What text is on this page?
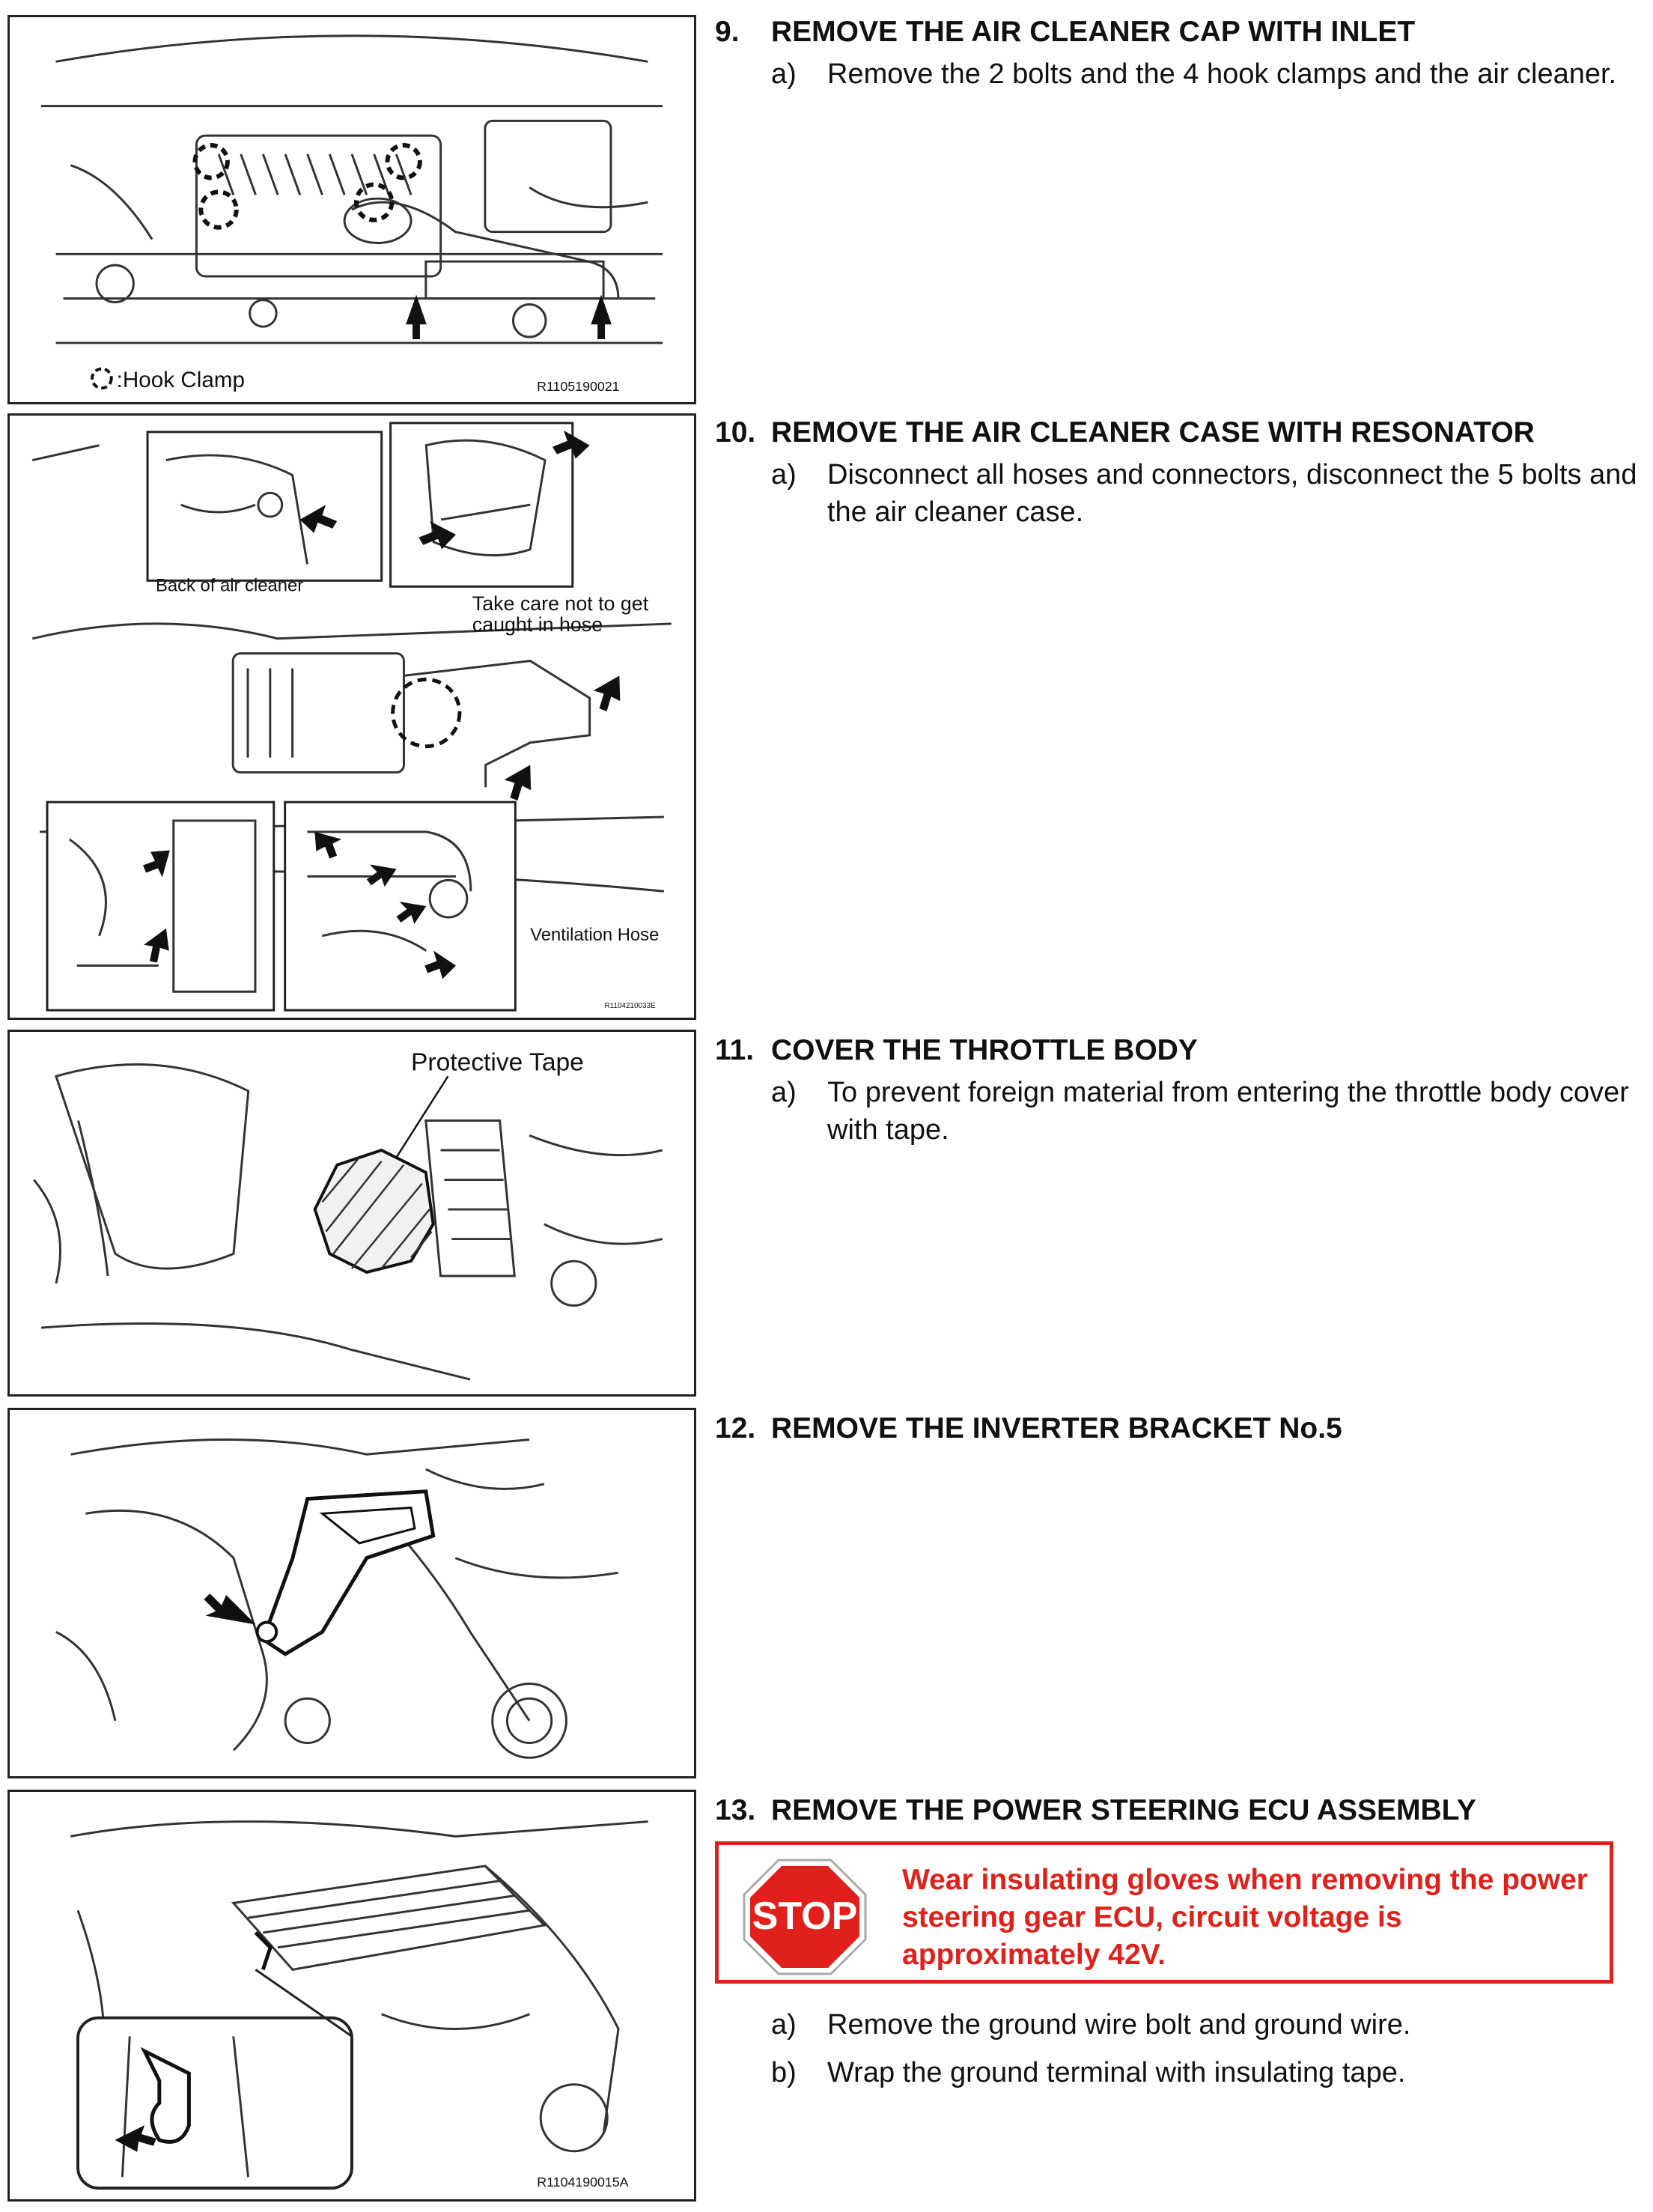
:Hook Clamp	R1105190021
9. REMOVE THE AIR CLEANER CAP WITH INLET
a) Remove the 2 bolts and the 4 hook clamps and the air cleaner.
Back of air cleaner
Take care not to get
caught in hose
Ventilation Hose
R1104210033E
10. REMOVE THE AIR CLEANER CASE WITH RESONATOR
a) Disconnect all hoses and connectors, disconnect the 5 bolts and the air cleaner case.
Protective Tape	11. COVER THE THROTTLE BODY
a) To prevent foreign material from entering the throttle body cover with tape.
12. REMOVE THE INVERTER BRACKET No.5
R1104190015A
13. REMOVE THE POWER STEERING ECU ASSEMBLY
STOP
Wear insulating gloves when removing the power steering gear ECU, circuit voltage is approximately 42V.
a) Remove the ground wire bolt and ground wire.
b) Wrap the ground terminal with insulating tape.
